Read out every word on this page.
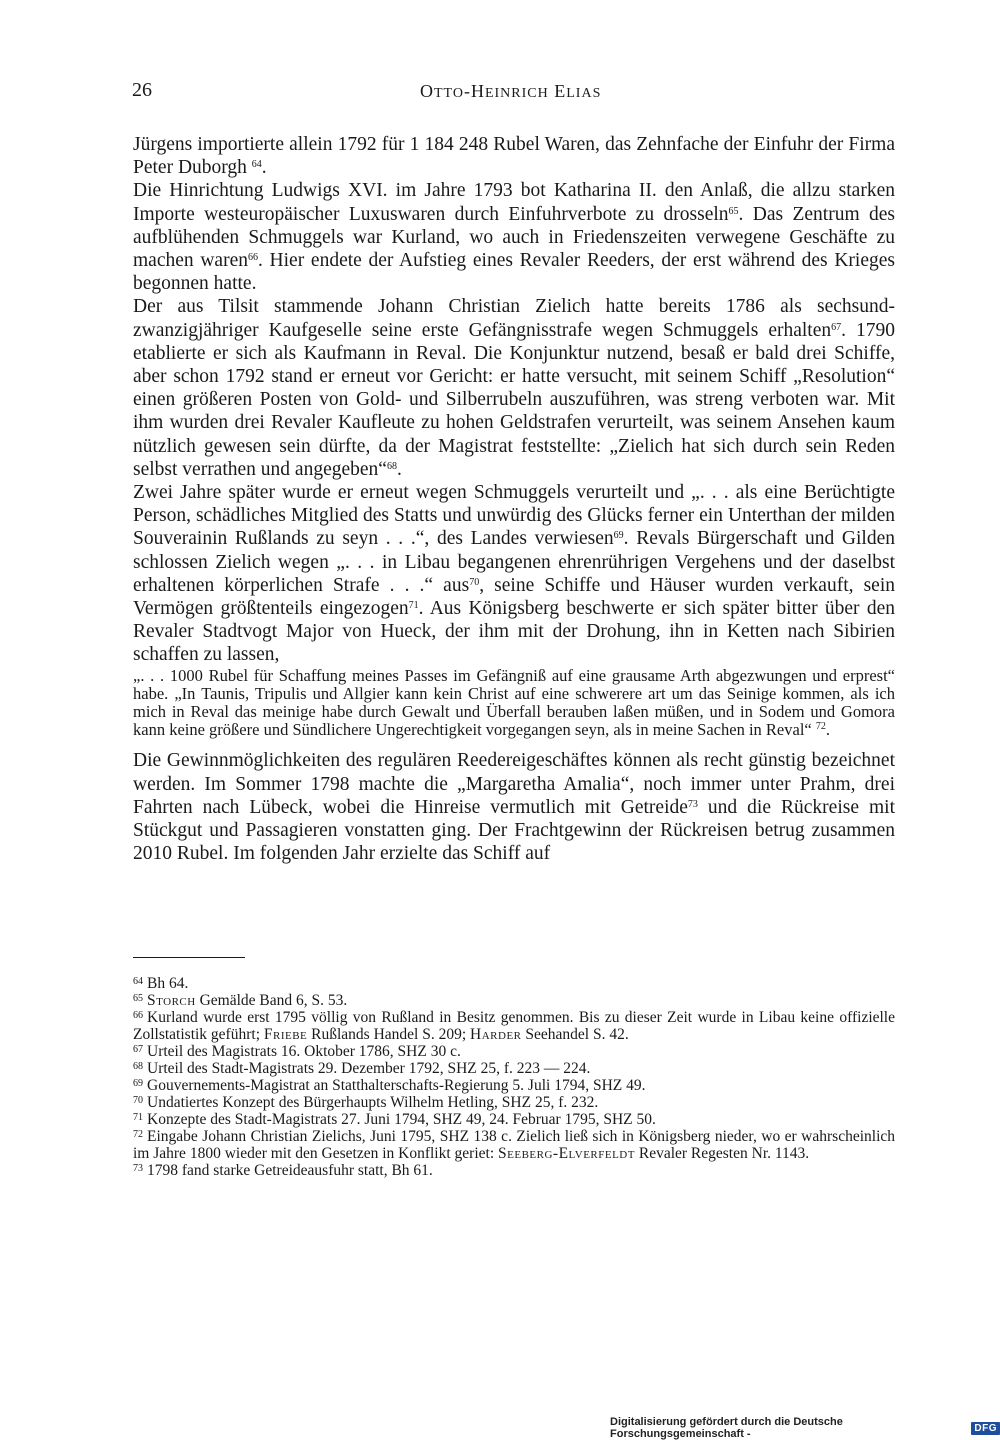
26	OTTO-HEINRICH ELIAS

Jürgens importierte allein 1792 für 1 184 248 Rubel Waren, das Zehnfache der Einfuhr der Firma Peter Duborgh $^{64}$.

Die Hinrichtung Ludwigs XVI. im Jahre 1793 bot Katharina II. den Anlaß, die allzu starken Importe westeuropäischer Luxuswaren durch Einfuhrverbote zu drosseln$^{65}$. Das Zentrum des aufblühenden Schmuggels war Kurland, wo auch in Friedenszeiten verwegene Geschäfte zu machen waren$^{66}$. Hier endete der Aufstieg eines Revaler Reeders, der erst während des Krieges begonnen hatte.

Der aus Tilsit stammende Johann Christian Zielich hatte bereits 1786 als sechsundzwanzigjähriger Kaufgeselle seine erste Gefängnisstrafe wegen Schmuggels erhalten$^{67}$. 1790 etablierte er sich als Kaufmann in Reval. Die Konjunktur nutzend, besaß er bald drei Schiffe, aber schon 1792 stand er erneut vor Gericht: er hatte versucht, mit seinem Schiff „Resolution“ einen größeren Posten von Gold- und Silberrubeln auszuführen, was streng verboten war. Mit ihm wurden drei Revaler Kaufleute zu hohen Geldstrafen verurteilt, was seinem Ansehen kaum nützlich gewesen sein dürfte, da der Magistrat feststellte: „Zielich hat sich durch sein Reden selbst verrathen und angegeben“$^{68}$.

Zwei Jahre später wurde er erneut wegen Schmuggels verurteilt und „. . . als eine Berüchtigte Person, schädliches Mitglied des Statts und unwürdig des Glücks ferner ein Unterthan der milden Souverainin Rußlands zu seyn . . .“, des Landes verwiesen$^{69}$. Revals Bürgerschaft und Gilden schlossen Zielich wegen „. . . in Libau begangenen ehrenrührigen Vergehens und der daselbst erhaltenen körperlichen Strafe . . .“ aus$^{70}$, seine Schiffe und Häuser wurden verkauft, sein Vermögen größtenteils eingezogen$^{71}$. Aus Königsberg beschwerte er sich später bitter über den Revaler Stadtvogt Major von Hueck, der ihm mit der Drohung, ihn in Ketten nach Sibirien schaffen zu lassen,

„. . . 1000 Rubel für Schaffung meines Passes im Gefängniß auf eine grausame Arth abgezwungen und erprest“ habe. „In Taunis, Tripulis und Allgier kann kein Christ auf eine schwerere art um das Seinige kommen, als ich mich in Reval das meinige habe durch Gewalt und Überfall berauben laßen müßen, und in Sodem und Gomora kann keine größere und Sündlichere Ungerechtigkeit vorgegangen seyn, als in meine Sachen in Reval“ $^{72}$.

Die Gewinnmöglichkeiten des regulären Reedereigeschäftes können als recht günstig bezeichnet werden. Im Sommer 1798 machte die „Margaretha Amalia“, noch immer unter Prahm, drei Fahrten nach Lübeck, wobei die Hinreise vermutlich mit Getreide$^{73}$ und die Rückreise mit Stückgut und Passagieren vonstatten ging. Der Frachtgewinn der Rückreisen betrug zusammen 2010 Rubel. Im folgenden Jahr erzielte das Schiff auf

$^{64}$ Bh 64.

$^{65}$ Storch Gemälde Band 6, S. 53.

$^{66}$ Kurland wurde erst 1795 völlig von Rußland in Besitz genommen. Bis zu dieser Zeit wurde in Libau keine offizielle Zollstatistik geführt; Friebe Rußlands Handel S. 209; Harder Seehandel S. 42.

$^{67}$ Urteil des Magistrats 16. Oktober 1786, SHZ 30 c.

$^{68}$ Urteil des Stadt-Magistrats 29. Dezember 1792, SHZ 25, f. 223 — 224.

$^{69}$ Gouvernements-Magistrat an Statthalterschafts-Regierung 5. Juli 1794, SHZ 49.

$^{70}$ Undatiertes Konzept des Bürgerhaupts Wilhelm Hetling, SHZ 25, f. 232.

$^{71}$ Konzepte des Stadt-Magistrats 27. Juni 1794, SHZ 49, 24. Februar 1795, SHZ 50.

$^{72}$ Eingabe Johann Christian Zielichs, Juni 1795, SHZ 138 c. Zielich ließ sich in Königsberg nieder, wo er wahrscheinlich im Jahre 1800 wieder mit den Gesetzen in Konflikt geriet: Seeberg-Elverfeldt Revaler Regesten Nr. 1143.

$^{73}$ 1798 fand starke Getreideausfuhr statt, Bh 61.

Digitalisierung gefördert durch die Deutsche Forschungsgemeinschaft -	DFG
